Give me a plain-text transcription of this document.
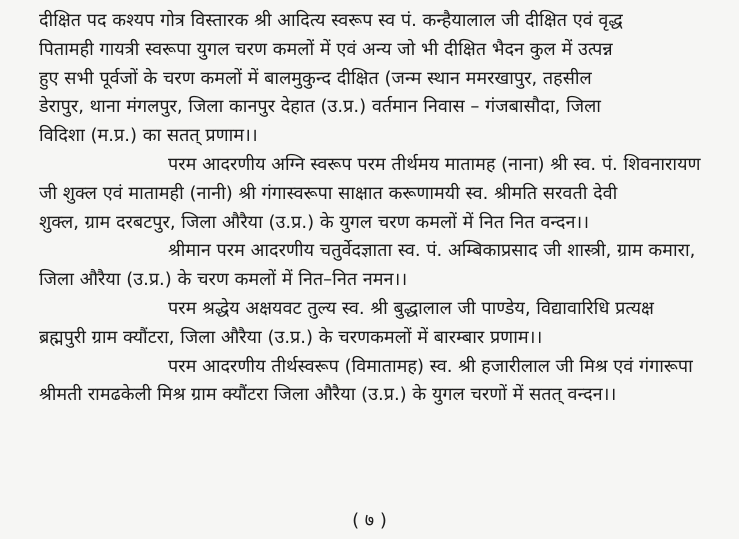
दीक्षित पद कश्यप गोत्र विस्तारक श्री आदित्य स्वरूप स्व पं. कन्हैयालाल जी दीक्षित एवं वृद्ध
पितामही गायत्री स्वरूपा युगल चरण कमलों में एवं अन्य जो भी दीक्षित भैदन कुल में उत्पन्न
हुए सभी पूर्वजों के चरण कमलों में बालमुकुन्द दीक्षित (जन्म स्थान ममरखापुर, तहसील
डेरापुर, थाना मंगलपुर, जिला कानपुर देहात (उ.प्र.) वर्तमान निवास – गंजबासौदा, जिला
विदिशा (म.प्र.) का सतत् प्रणाम।।
परम आदरणीय अग्नि स्वरूप परम तीर्थमय मातामह (नाना) श्री स्व. पं. शिवनारायण
जी शुक्ल एवं मातामही (नानी) श्री गंगास्वरूपा साक्षात करूणामयी स्व. श्रीमति सरवती देवी
शुक्ल, ग्राम दरबटपुर, जिला औरैया (उ.प्र.) के युगल चरण कमलों में नित नित वन्दन।।
श्रीमान परम आदरणीय चतुर्वेदज्ञाता स्व. पं. अम्बिकाप्रसाद जी शास्त्री, ग्राम कमारा,
जिला औरैया (उ.प्र.) के चरण कमलों में नित–नित नमन।।
परम श्रद्धेय अक्षयवट तुल्य स्व. श्री बुद्धालाल जी पाण्डेय, विद्यावारिधि प्रत्यक्ष
ब्रह्मपुरी ग्राम क्यौंटरा, जिला औरैया (उ.प्र.) के चरणकमलों में बारम्बार प्रणाम।।
परम आदरणीय तीर्थस्वरूप (विमातामह) स्व. श्री हजारीलाल जी मिश्र एवं गंगारूपा
श्रीमती रामढकेली मिश्र ग्राम क्यौंटरा जिला औरैया (उ.प्र.) के युगल चरणों में सतत् वन्दन।।
( ७ )
